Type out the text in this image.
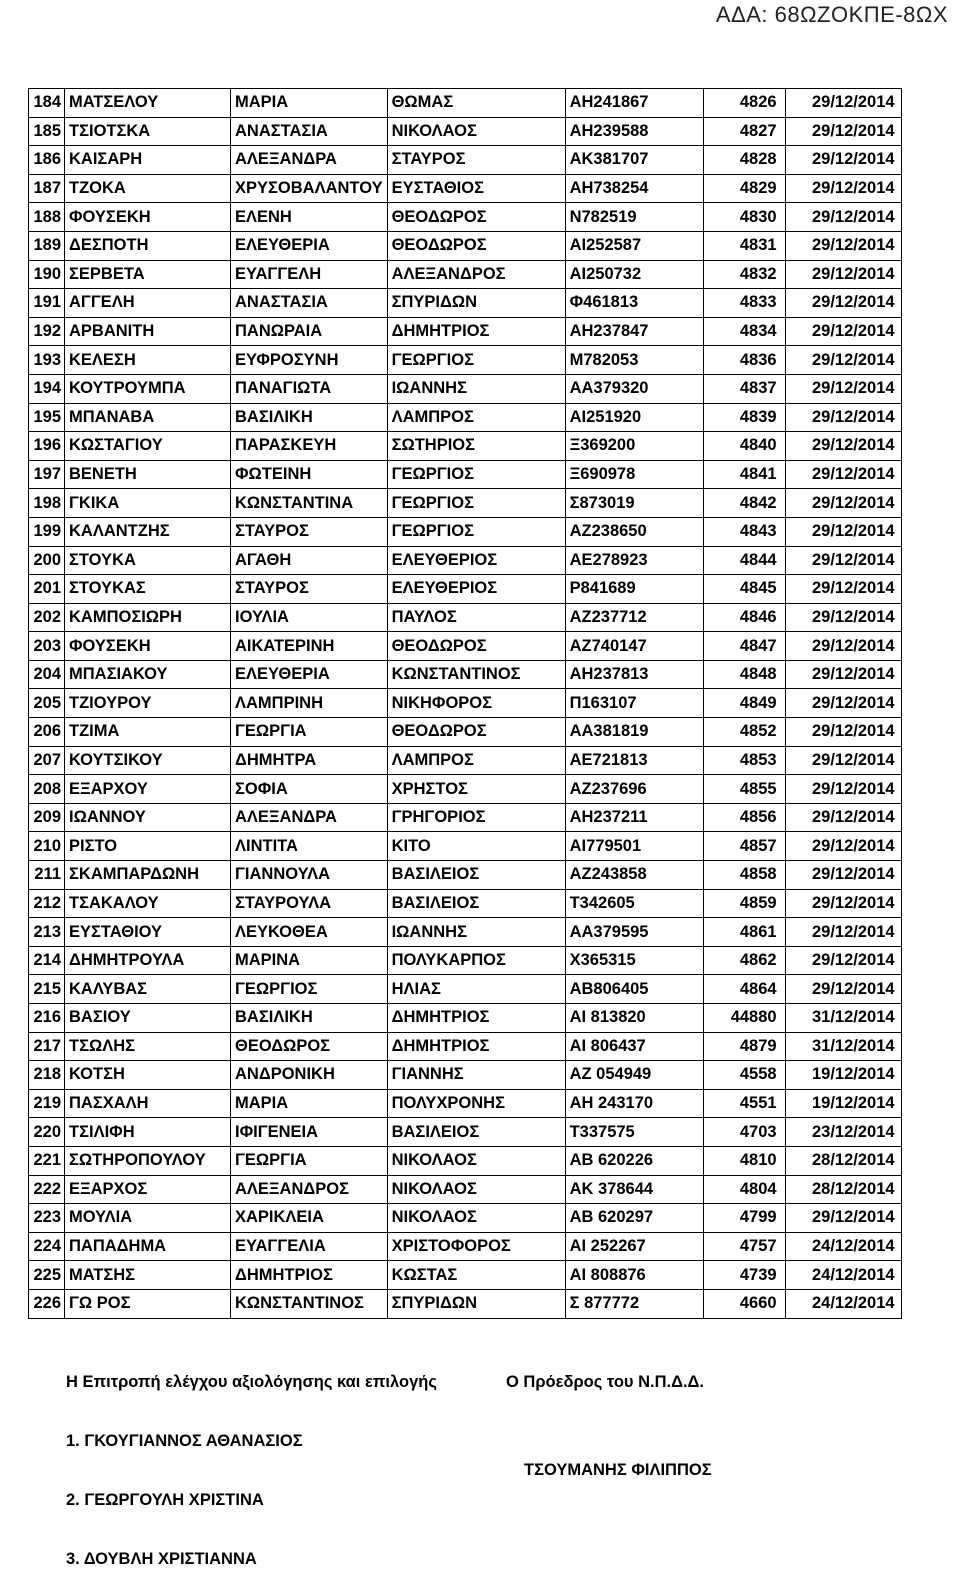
ΑΔΑ: 68ΩΖΟΚΠΕ-8ΩΧ
184	ΜΑΤΣΕΛΟΥ	ΜΑΡΙΑ	ΘΩΜΑΣ	ΑΗ241867	4826	29/12/2014
185	ΤΣΙΟΤΣΚΑ	ΑΝΑΣΤΑΣΙΑ	ΝΙΚΟΛΑΟΣ	ΑΗ239588	4827	29/12/2014
186	ΚΑΙΣΑΡΗ	ΑΛΕΞΑΝΔΡΑ	ΣΤΑΥΡΟΣ	ΑΚ381707	4828	29/12/2014
187	ΤΖΟΚΑ	ΧΡΥΣΟΒΑΛΑΝΤΟΥ	ΕΥΣΤΑΘΙΟΣ	ΑΗ738254	4829	29/12/2014
188	ΦΟΥΣΕΚΗ	ΕΛΕΝΗ	ΘΕΟΔΩΡΟΣ	Ν782519	4830	29/12/2014
189	ΔΕΣΠΟΤΗ	ΕΛΕΥΘΕΡΙΑ	ΘΕΟΔΩΡΟΣ	ΑΙ252587	4831	29/12/2014
190	ΣΕΡΒΕΤΑ	ΕΥΑΓΓΕΛΗ	ΑΛΕΞΑΝΔΡΟΣ	ΑΙ250732	4832	29/12/2014
191	ΑΓΓΕΛΗ	ΑΝΑΣΤΑΣΙΑ	ΣΠΥΡΙΔΩΝ	Φ461813	4833	29/12/2014
192	ΑΡΒΑΝΙΤΗ	ΠΑΝΩΡΑΙΑ	ΔΗΜΗΤΡΙΟΣ	ΑΗ237847	4834	29/12/2014
193	ΚΕΛΕΣΗ	ΕΥΦΡΟΣΥΝΗ	ΓΕΩΡΓΙΟΣ	Μ782053	4836	29/12/2014
194	ΚΟΥΤΡΟΥΜΠΑ	ΠΑΝΑΓΙΩΤΑ	ΙΩΑΝΝΗΣ	ΑΑ379320	4837	29/12/2014
195	ΜΠΑΝΑΒΑ	ΒΑΣΙΛΙΚΗ	ΛΑΜΠΡΟΣ	ΑΙ251920	4839	29/12/2014
196	ΚΩΣΤΑΓΙΟΥ	ΠΑΡΑΣΚΕΥΗ	ΣΩΤΗΡΙΟΣ	Ξ369200	4840	29/12/2014
197	ΒΕΝΕΤΗ	ΦΩΤΕΙΝΗ	ΓΕΩΡΓΙΟΣ	Ξ690978	4841	29/12/2014
198	ΓΚΙΚΑ	ΚΩΝΣΤΑΝΤΙΝΑ	ΓΕΩΡΓΙΟΣ	Σ873019	4842	29/12/2014
199	ΚΑΛΑΝΤΖΗΣ	ΣΤΑΥΡΟΣ	ΓΕΩΡΓΙΟΣ	ΑΖ238650	4843	29/12/2014
200	ΣΤΟΥΚΑ	ΑΓΑΘΗ	ΕΛΕΥΘΕΡΙΟΣ	ΑΕ278923	4844	29/12/2014
201	ΣΤΟΥΚΑΣ	ΣΤΑΥΡΟΣ	ΕΛΕΥΘΕΡΙΟΣ	Ρ841689	4845	29/12/2014
202	ΚΑΜΠΟΣΙΩΡΗ	ΙΟΥΛΙΑ	ΠΑΥΛΟΣ	ΑΖ237712	4846	29/12/2014
203	ΦΟΥΣΕΚΗ	ΑΙΚΑΤΕΡΙΝΗ	ΘΕΟΔΩΡΟΣ	ΑΖ740147	4847	29/12/2014
204	ΜΠΑΣΙΑΚΟΥ	ΕΛΕΥΘΕΡΙΑ	ΚΩΝΣΤΑΝΤΙΝΟΣ	ΑΗ237813	4848	29/12/2014
205	ΤΖΙΟΥΡΟΥ	ΛΑΜΠΡΙΝΗ	ΝΙΚΗΦΟΡΟΣ	Π163107	4849	29/12/2014
206	ΤΖΙΜΑ	ΓΕΩΡΓΙΑ	ΘΕΟΔΩΡΟΣ	ΑΑ381819	4852	29/12/2014
207	ΚΟΥΤΣΙΚΟΥ	ΔΗΜΗΤΡΑ	ΛΑΜΠΡΟΣ	ΑΕ721813	4853	29/12/2014
208	ΕΞΑΡΧΟΥ	ΣΟΦΙΑ	ΧΡΗΣΤΟΣ	ΑΖ237696	4855	29/12/2014
209	ΙΩΑΝΝΟΥ	ΑΛΕΞΑΝΔΡΑ	ΓΡΗΓΟΡΙΟΣ	ΑΗ237211	4856	29/12/2014
210	ΡΙΣΤΟ	ΛΙΝΤΙΤΑ	ΚΙΤΟ	ΑΙ779501	4857	29/12/2014
211	ΣΚΑΜΠΑΡΔΩΝΗ	ΓΙΑΝΝΟΥΛΑ	ΒΑΣΙΛΕΙΟΣ	ΑΖ243858	4858	29/12/2014
212	ΤΣΑΚΑΛΟΥ	ΣΤΑΥΡΟΥΛΑ	ΒΑΣΙΛΕΙΟΣ	Τ342605	4859	29/12/2014
213	ΕΥΣΤΑΘΙΟΥ	ΛΕΥΚΟΘΕΑ	ΙΩΑΝΝΗΣ	ΑΑ379595	4861	29/12/2014
214	ΔΗΜΗΤΡΟΥΛΑ	ΜΑΡΙΝΑ	ΠΟΛΥΚΑΡΠΟΣ	Χ365315	4862	29/12/2014
215	ΚΑΛΥΒΑΣ	ΓΕΩΡΓΙΟΣ	ΗΛΙΑΣ	ΑΒ806405	4864	29/12/2014
216	ΒΑΣΙΟΥ	ΒΑΣΙΛΙΚΗ	ΔΗΜΗΤΡΙΟΣ	ΑΙ 813820	44880	31/12/2014
217	ΤΣΩΛΗΣ	ΘΕΟΔΩΡΟΣ	ΔΗΜΗΤΡΙΟΣ	ΑΙ 806437	4879	31/12/2014
218	ΚΟΤΣΗ	ΑΝΔΡΟΝΙΚΗ	ΓΙΑΝΝΗΣ	ΑΖ 054949	4558	19/12/2014
219	ΠΑΣΧΑΛΗ	ΜΑΡΙΑ	ΠΟΛΥΧΡΟΝΗΣ	ΑΗ 243170	4551	19/12/2014
220	ΤΣΙΛΙΦΗ	ΙΦΙΓΕΝΕΙΑ	ΒΑΣΙΛΕΙΟΣ	Τ337575	4703	23/12/2014
221	ΣΩΤΗΡΟΠΟΥΛΟΥ	ΓΕΩΡΓΙΑ	ΝΙΚΟΛΑΟΣ	ΑΒ 620226	4810	28/12/2014
222	ΕΞΑΡΧΟΣ	ΑΛΕΞΑΝΔΡΟΣ	ΝΙΚΟΛΑΟΣ	ΑΚ 378644	4804	28/12/2014
223	ΜΟΥΛΙΑ	ΧΑΡΙΚΛΕΙΑ	ΝΙΚΟΛΑΟΣ	ΑΒ 620297	4799	29/12/2014
224	ΠΑΠΑΔΗΜΑ	ΕΥΑΓΓΕΛΙΑ	ΧΡΙΣΤΟΦΟΡΟΣ	ΑΙ 252267	4757	24/12/2014
225	ΜΑΤΣΗΣ	ΔΗΜΗΤΡΙΟΣ	ΚΩΣΤΑΣ	ΑΙ 808876	4739	24/12/2014
226	ΓΩ ΡΟΣ	ΚΩΝΣΤΑΝΤΙΝΟΣ	ΣΠΥΡΙΔΩΝ	Σ 877772	4660	24/12/2014
Η Επιτροπή ελέγχου αξιολόγησης και επιλογής	Ο Πρόεδρος του Ν.Π.Δ.Δ.
1. ΓΚΟΥΓΙΑΝΝΟΣ ΑΘΑΝΑΣΙΟΣ
ΤΣΟΥΜΑΝΗΣ ΦΙΛΙΠΠΟΣ
2. ΓΕΩΡΓΟΥΛΗ ΧΡΙΣΤΙΝΑ
3. ΔΟΥΒΛΗ ΧΡΙΣΤΙΑΝΝΑ
